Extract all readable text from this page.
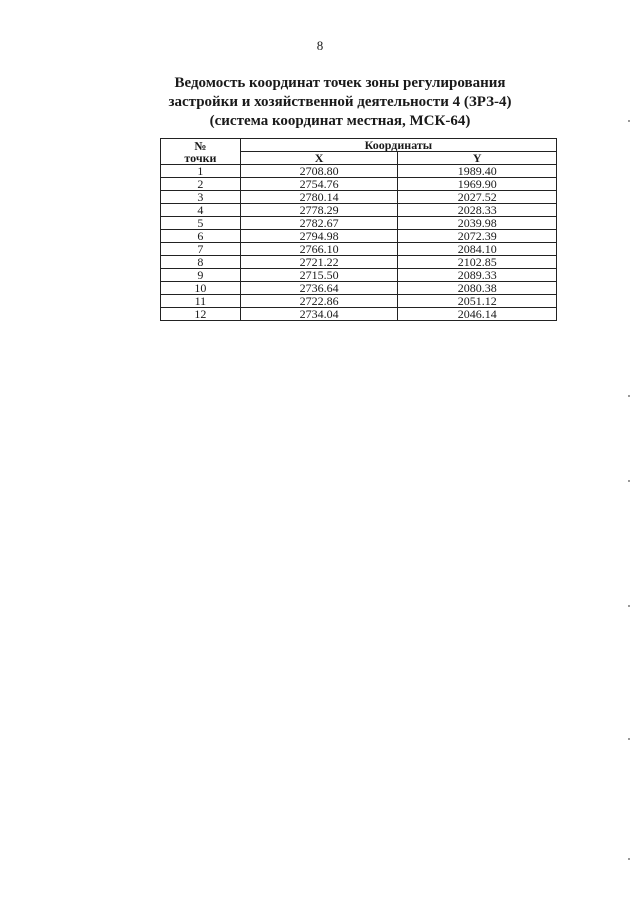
8
Ведомость координат точек зоны регулирования
застройки и хозяйственной деятельности 4 (ЗРЗ-4)
(система координат местная, МСК-64)
№
точки	Координаты	
	X	Y
1	2708.80	1989.40
2	2754.76	1969.90
3	2780.14	2027.52
4	2778.29	2028.33
5	2782.67	2039.98
6	2794.98	2072.39
7	2766.10	2084.10
8	2721.22	2102.85
9	2715.50	2089.33
10	2736.64	2080.38
11	2722.86	2051.12
12	2734.04	2046.14
